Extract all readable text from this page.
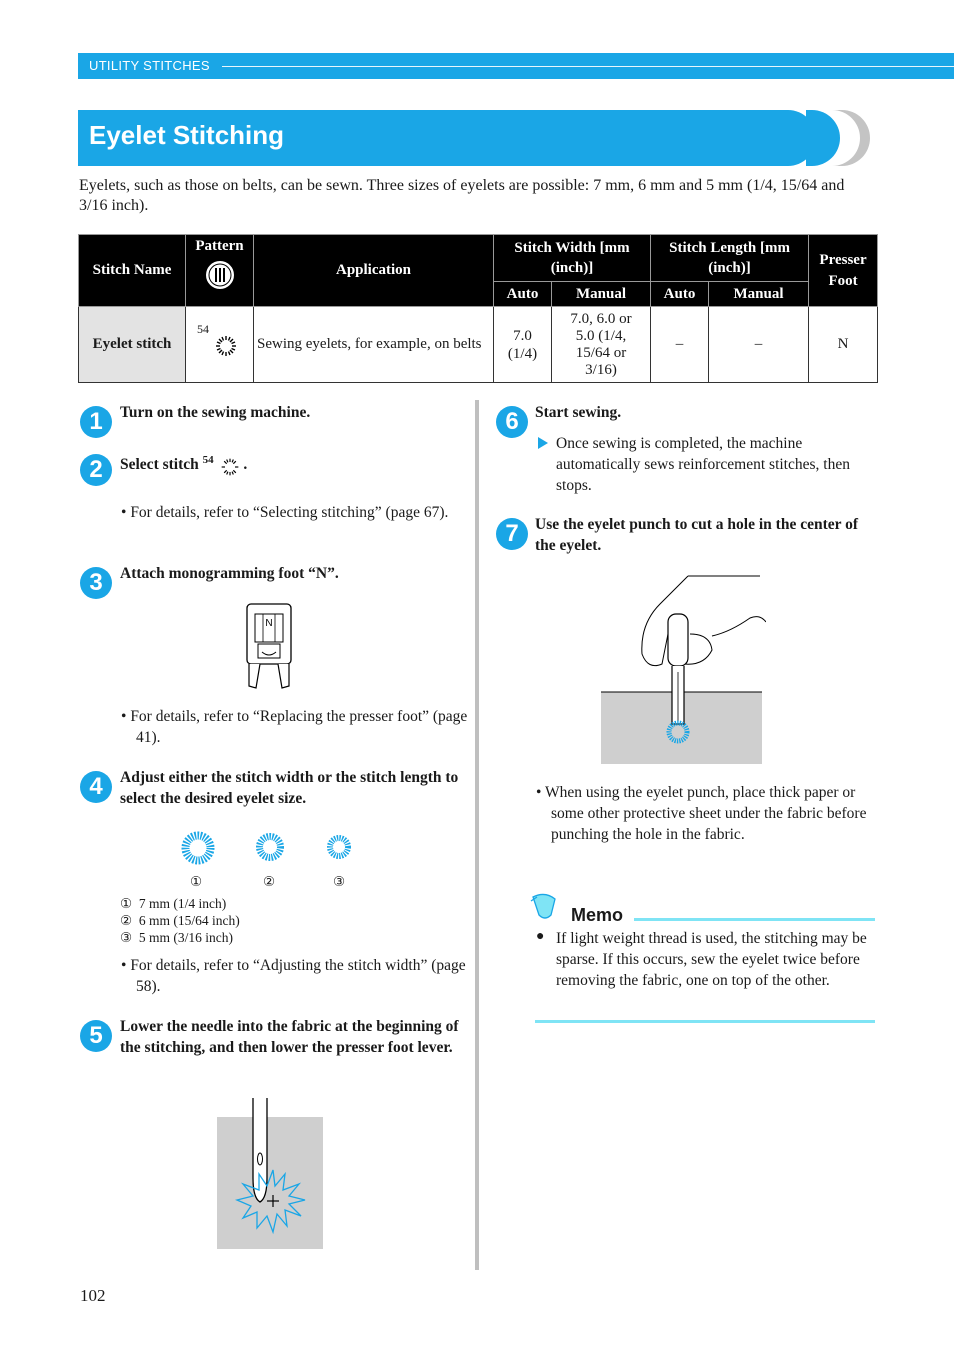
UTILITY STITCHES
Eyelet Stitching
Eyelets, such as those on belts, can be sewn. Three sizes of eyelets are possible: 7 mm, 6 mm and 5 mm (1/4, 15/64 and 3/16 inch).
Stitch Name	Pattern	Application	Stitch Width [mm (inch)]		Stitch Length [mm (inch)]		Presser Foot
			Auto	Manual	Auto	Manual	
Eyelet stitch	54	Sewing eyelets, for example, on belts	7.0 (1/4)	7.0, 6.0 or 5.0 (1/4, 15/64 or 3/16)	–	–	N
1	Turn on the sewing machine.
2	Select stitch $^{54}$ .
• For details, refer to “Selecting stitching” (page 67).
3	Attach monogramming foot “N”.
N
• For details, refer to “Replacing the presser foot” (page 41).
4	Adjust either the stitch width or the stitch length to select the desired eyelet size.
①	②	③
① 7 mm (1/4 inch)
② 6 mm (15/64 inch)
③ 5 mm (3/16 inch)
• For details, refer to “Adjusting the stitch width” (page 58).
5	Lower the needle into the fabric at the beginning of the stitching, and then lower the presser foot lever.
6	Start sewing.
Once sewing is completed, the machine automatically sews reinforcement stitches, then stops.
7	Use the eyelet punch to cut a hole in the center of the eyelet.
• When using the eyelet punch, place thick paper or some other protective sheet under the fabric before punching the hole in the fabric.
Memo
● If light weight thread is used, the stitching may be sparse. If this occurs, sew the eyelet twice before removing the fabric, one on top of the other.
102
